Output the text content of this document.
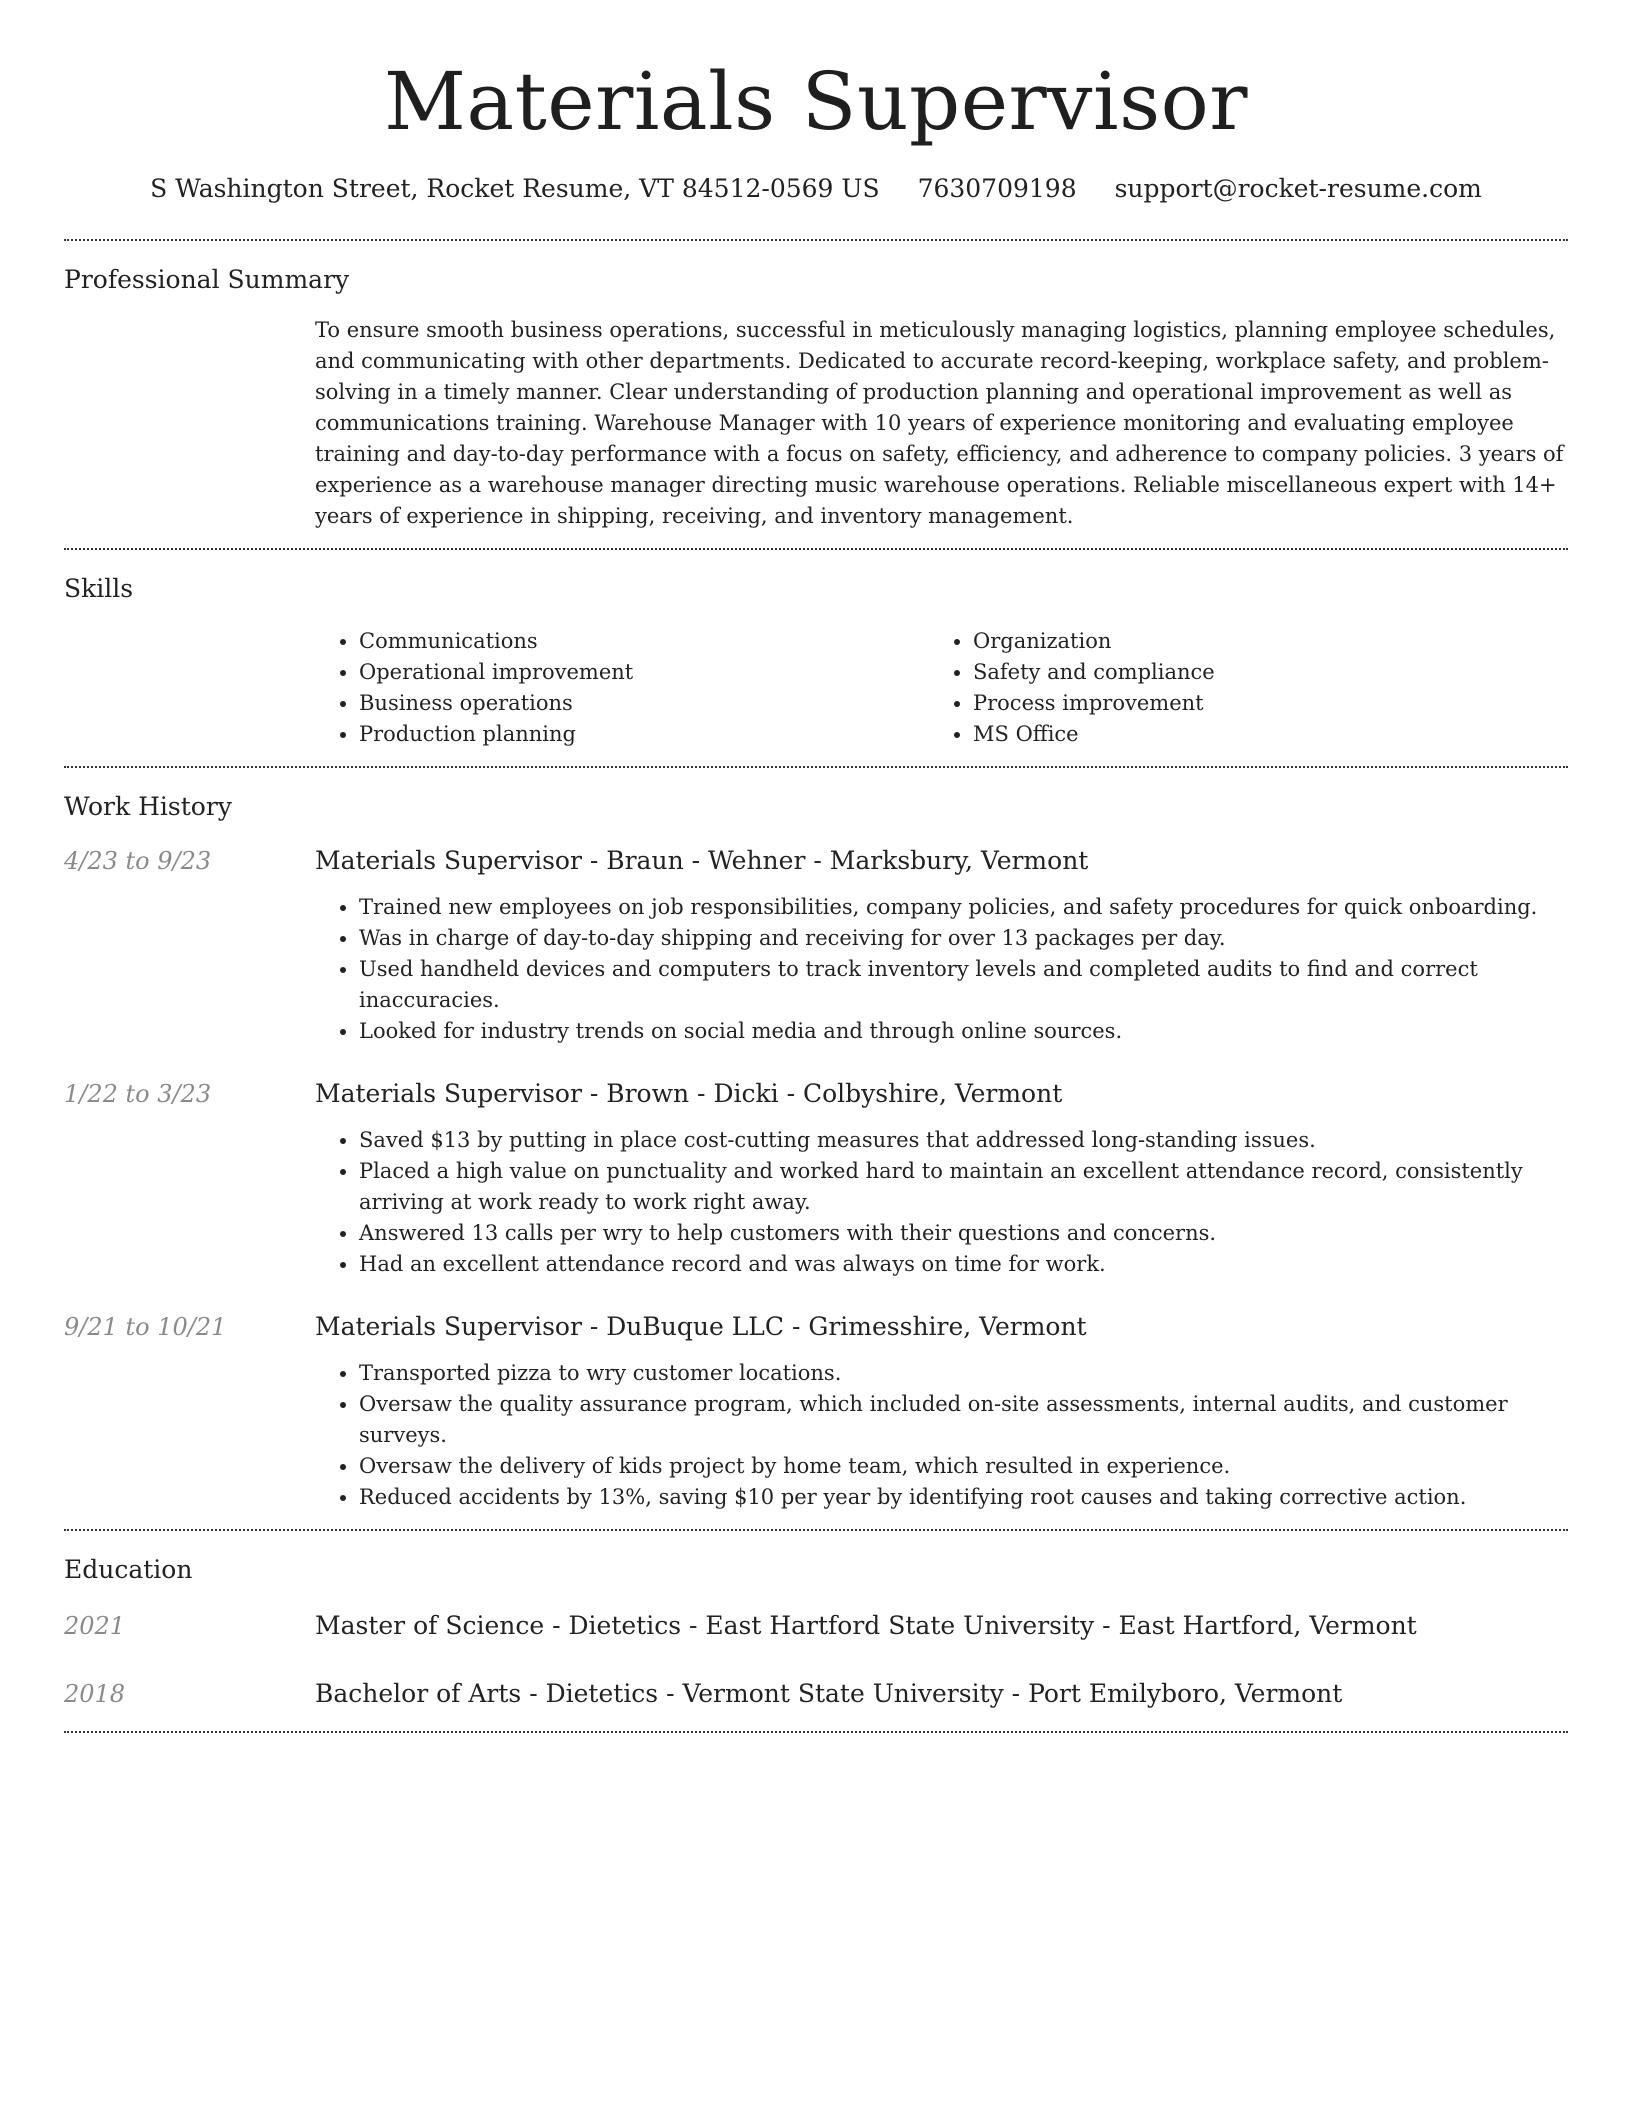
Materials Supervisor
S Washington Street, Rocket Resume, VT 84512-0569 US 7630709198 support@rocket-resume.com
Professional Summary

To ensure smooth business operations, successful in meticulously managing logistics, planning employee schedules, and communicating with other departments. Dedicated to accurate record-keeping, workplace safety, and problem-solving in a timely manner. Clear understanding of production planning and operational improvement as well as communications training. Warehouse Manager with 10 years of experience monitoring and evaluating employee training and day-to-day performance with a focus on safety, efficiency, and adherence to company policies. 3 years of experience as a warehouse manager directing music warehouse operations. Reliable miscellaneous expert with 14+ years of experience in shipping, receiving, and inventory management.

Skills
• Communications
• Operational improvement
• Business operations
• Production planning
• Organization
• Safety and compliance
• Process improvement
• MS Office
Work History
4/23 to 9/23	Materials Supervisor - Braun - Wehner - Marksbury, Vermont
• Trained new employees on job responsibilities, company policies, and safety procedures for quick onboarding.
• Was in charge of day-to-day shipping and receiving for over 13 packages per day.
• Used handheld devices and computers to track inventory levels and completed audits to find and correct inaccuracies.
• Looked for industry trends on social media and through online sources.
1/22 to 3/23	Materials Supervisor - Brown - Dicki - Colbyshire, Vermont
• Saved $13 by putting in place cost-cutting measures that addressed long-standing issues.
• Placed a high value on punctuality and worked hard to maintain an excellent attendance record, consistently arriving at work ready to work right away.
• Answered 13 calls per wry to help customers with their questions and concerns.
• Had an excellent attendance record and was always on time for work.
9/21 to 10/21	Materials Supervisor - DuBuque LLC - Grimesshire, Vermont
• Transported pizza to wry customer locations.
• Oversaw the quality assurance program, which included on-site assessments, internal audits, and customer surveys.
• Oversaw the delivery of kids project by home team, which resulted in experience.
• Reduced accidents by 13%, saving $10 per year by identifying root causes and taking corrective action.
Education
2021	Master of Science - Dietetics - East Hartford State University - East Hartford, Vermont
2018	Bachelor of Arts - Dietetics - Vermont State University - Port Emilyboro, Vermont
